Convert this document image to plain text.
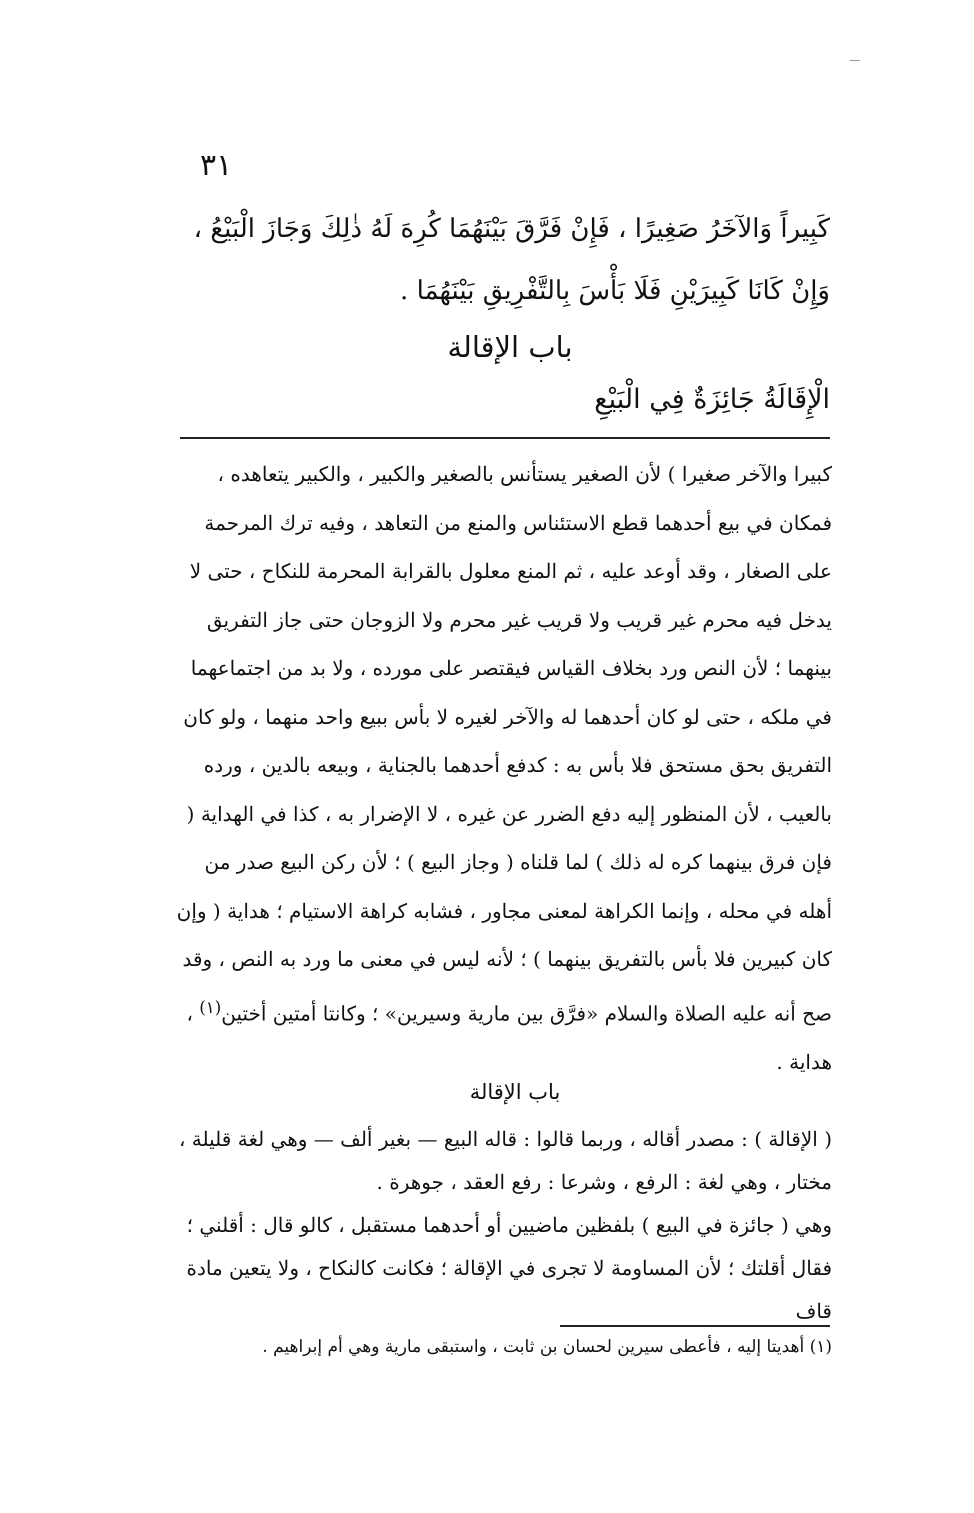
٣١

كَبِيراً وَالآخَرُ صَغِيرًا ، فَإِنْ فَرَّقَ بَيْنَهُمَا كُرِهَ لَهُ ذٰلِكَ وَجَازَ الْبَيْعُ ، وَإِنْ كَانَا كَبِيرَيْنِ فَلَا بَأْسَ بِالتَّفْرِيقِ بَيْنَهُمَا .

باب الإقالة
الْإِقَالَةُ جَائِزَةٌ فِي الْبَيْعِ

كبيرا والآخر صغيرا ) لأن الصغير يستأنس بالصغير والكبير ، والكبير يتعاهده ، فمكان في بيع أحدهما قطع الاستئناس والمنع من التعاهد ، وفيه ترك المرحمة على الصغار ، وقد أوعد عليه ، ثم المنع معلول بالقرابة المحرمة للنكاح ، حتى لا يدخل فيه محرم غير قريب ولا قريب غير محرم ولا الزوجان حتى جاز التفريق بينهما ؛ لأن النص ورد بخلاف القياس فيقتصر على مورده ، ولا بد من اجتماعهما في ملكه ، حتى لو كان أحدهما له والآخر لغيره لا بأس ببيع واحد منهما ، ولو كان التفريق بحق مستحق فلا بأس به : كدفع أحدهما بالجناية ، وبيعه بالدين ، ورده بالعيب ، لأن المنظور إليه دفع الضرر عن غيره ، لا الإضرار به ، كذا في الهداية ( فإن فرق بينهما كره له ذلك ) لما قلناه ( وجاز البيع ) ؛ لأن ركن البيع صدر من أهله في محله ، وإنما الكراهة لمعنى مجاور ، فشابه كراهة الاستيام ؛ هداية ( وإن كان كبيرين فلا بأس بالتفريق بينهما ) ؛ لأنه ليس في معنى ما ورد به النص ، وقد صح أنه عليه الصلاة والسلام «فرَّق بين مارية وسيرين» ؛ وكانتا أمتين أختين$^{(١)}$ ، هداية .

باب الإقالة

( الإقالة ) : مصدر أقاله ، وربما قالوا : قاله البيع — بغير ألف — وهي لغة قليلة ، مختار ، وهي لغة : الرفع ، وشرعا : رفع العقد ، جوهرة .

وهي ( جائزة في البيع ) بلفظين ماضيين أو أحدهما مستقبل ، كالو قال : أقلني ؛ فقال أقلتك ؛ لأن المساومة لا تجرى في الإقالة ؛ فكانت كالنكاح ، ولا يتعين مادة قاف

(١) أهديتا إليه ، فأعطى سيرين لحسان بن ثابت ، واستبقى مارية وهي أم إبراهيم .
